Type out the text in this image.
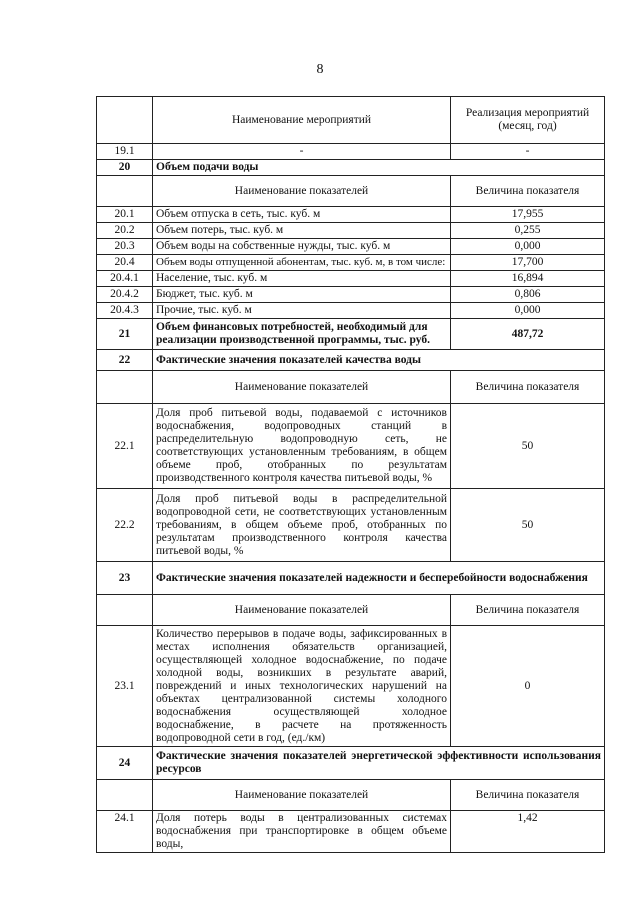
8
	Наименование мероприятий	Реализация мероприятий (месяц, год)
19.1	-	-
20	Объем подачи воды	
	Наименование показателей	Величина показателя
20.1	Объем отпуска в сеть, тыс. куб. м	17,955
20.2	Объем потерь, тыс. куб. м	0,255
20.3	Объем воды на собственные нужды, тыс. куб. м	0,000
20.4	Объем воды отпущенной абонентам, тыс. куб. м, в том числе:	17,700
20.4.1	Население, тыс. куб. м	16,894
20.4.2	Бюджет, тыс. куб. м	0,806
20.4.3	Прочие, тыс. куб. м	0,000
21	Объем финансовых потребностей, необходимый для реализации производственной программы, тыс. руб.	487,72
22	Фактические значения показателей качества воды	
	Наименование показателей	Величина показателя
22.1	Доля проб питьевой воды, подаваемой с источников водоснабжения, водопроводных станций в распределительную водопроводную сеть, не соответствующих установленным требованиям, в общем объеме проб, отобранных по результатам производственного контроля качества питьевой воды, %	50
22.2	Доля проб питьевой воды в распределительной водопроводной сети, не соответствующих установленным требованиям, в общем объеме проб, отобранных по результатам производственного контроля качества питьевой воды, %	50
23	Фактические значения показателей надежности и бесперебойности водоснабжения	
	Наименование показателей	Величина показателя
23.1	Количество перерывов в подаче воды, зафиксированных в местах исполнения обязательств организацией, осуществляющей холодное водоснабжение, по подаче холодной воды, возникших в результате аварий, повреждений и иных технологических нарушений на объектах централизованной системы холодного водоснабжения осуществляющей холодное водоснабжение, в расчете на протяженность водопроводной сети в год, (ед./км)	0
24	Фактические значения показателей энергетической эффективности использования ресурсов	
	Наименование показателей	Величина показателя
24.1	Доля потерь воды в централизованных системах водоснабжения при транспортировке в общем объеме воды,	1,42
